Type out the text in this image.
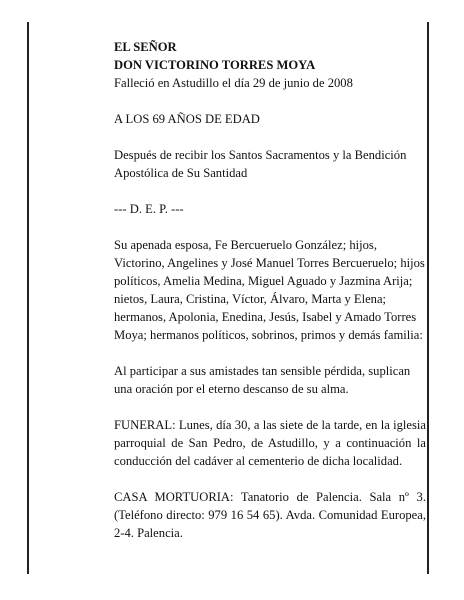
EL SEÑOR

DON VICTORINO TORRES MOYA

Falleció en Astudillo el día 29 de junio de 2008

A LOS 69 AÑOS DE EDAD

Después de recibir los Santos Sacramentos y la Bendición Apostólica de Su Santidad

--- D. E. P. ---

Su apenada esposa, Fe Bercueruelo González; hijos, Victorino, Angelines y José Manuel Torres Bercueruelo; hijos políticos, Amelia Medina, Miguel Aguado y Jazmina Arija; nietos, Laura, Cristina, Víctor, Álvaro, Marta y Elena; hermanos, Apolonia, Enedina, Jesús, Isabel y Amado Torres Moya; hermanos políticos, sobrinos, primos y demás familia:

Al participar a sus amistades tan sensible pérdida, suplican una oración por el eterno descanso de su alma.

FUNERAL: Lunes, día 30, a las siete de la tarde, en la iglesia parroquial de San Pedro, de Astudillo, y a continuación la conducción del cadáver al cementerio de dicha localidad.

CASA MORTUORIA: Tanatorio de Palencia. Sala nº 3. (Teléfono directo: 979 16 54 65). Avda. Comunidad Europea, 2-4. Palencia.
